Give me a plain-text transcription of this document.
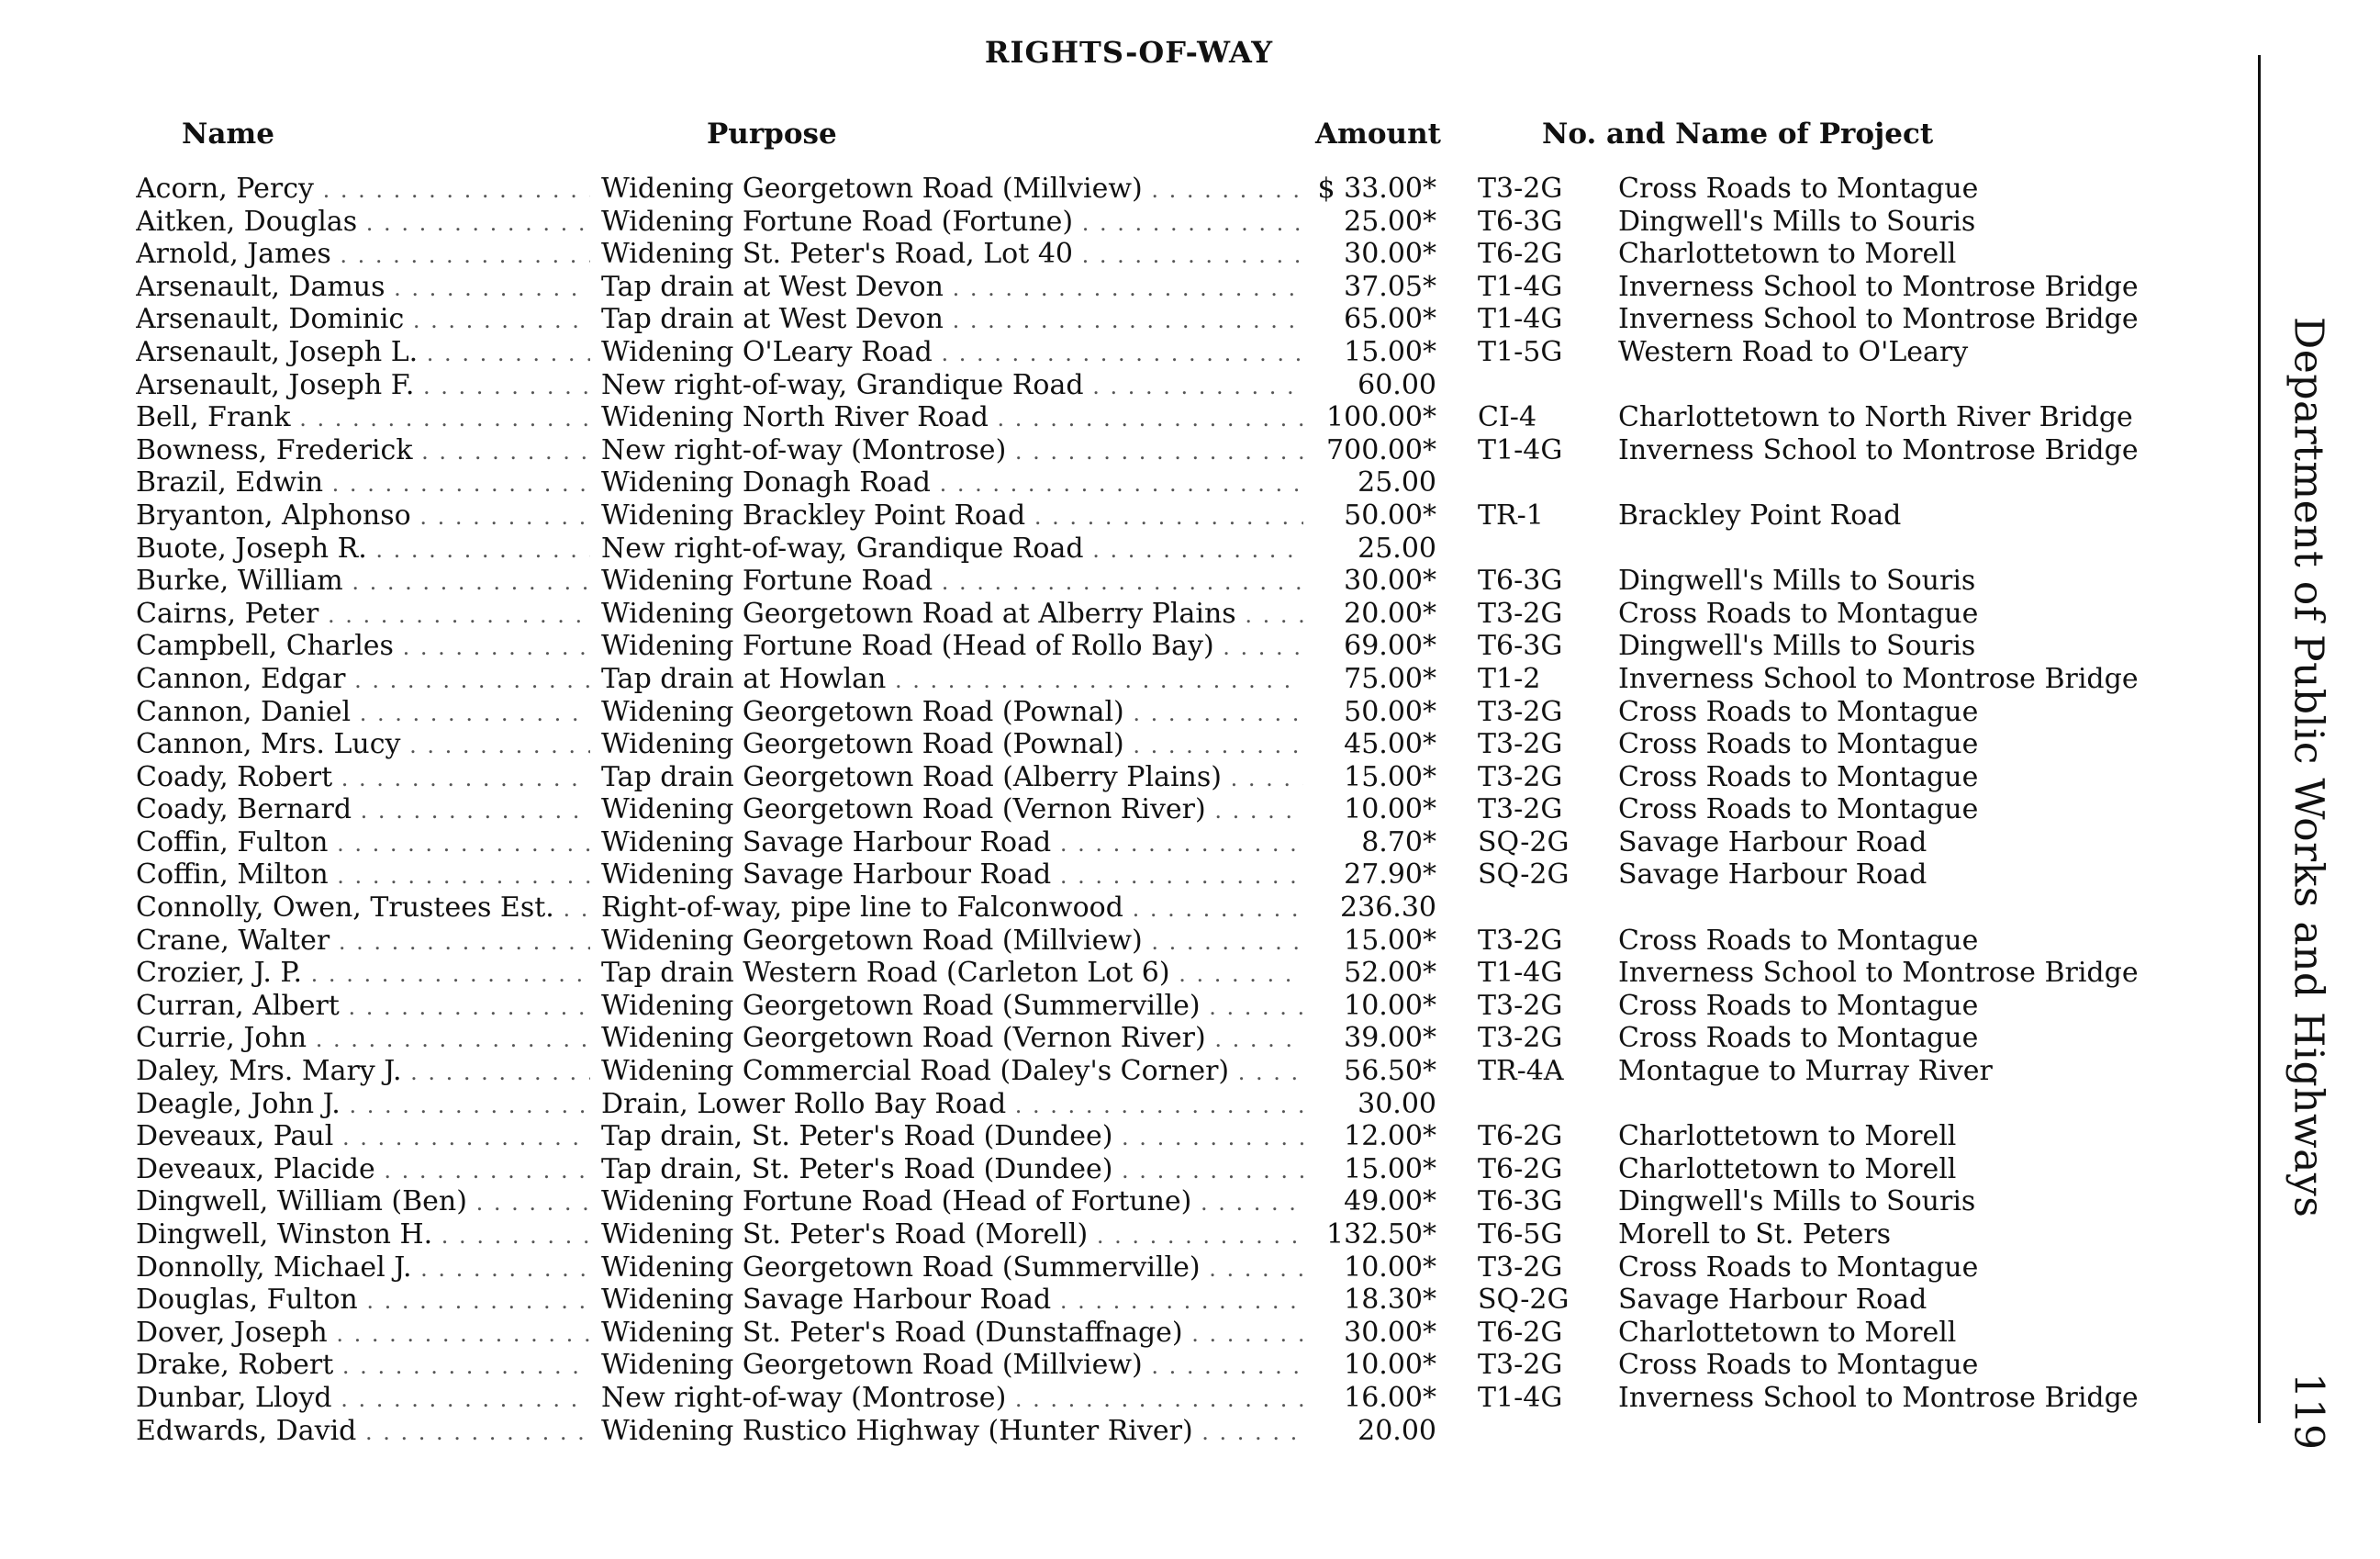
RIGHTS-OF-WAY
Name	Purpose	Amount	No. and Name of Project
Acorn, Percy . . .	Widening Georgetown Road (Millview) . . .	$ 33.00* T3-2G	Cross Roads to Montague
Aitken, Douglas . . .	Widening Fortune Road (Fortune) . . .	25.00* T6-3G	Dingwell's Mills to Souris
Arnold, James . . .	Widening St. Peter's Road, Lot 40 . . .	30.00* T6-2G	Charlottetown to Morell
Arsenault, Damus . . .	Tap drain at West Devon . . .	37.05* T1-4G	Inverness School to Montrose Bridge
Arsenault, Dominic . . .	Tap drain at West Devon . . .	65.00* T1-4G	Inverness School to Montrose Bridge
Arsenault, Joseph L. . . .	Widening O'Leary Road . . .	15.00* T1-5G	Western Road to O'Leary
Arsenault, Joseph F. . . .	New right-of-way, Grandique Road . . .	60.00
Bell, Frank . . .	Widening North River Road . . .	100.00* CI-4	Charlottetown to North River Bridge
Bowness, Frederick . . .	New right-of-way (Montrose) . . .	700.00* T1-4G	Inverness School to Montrose Bridge
Brazil, Edwin . . .	Widening Donagh Road . . .	25.00
Bryanton, Alphonso . . .	Widening Brackley Point Road . . .	50.00* TR-1	Brackley Point Road
Buote, Joseph R. . . .	New right-of-way, Grandique Road . . .	25.00
Burke, William . . .	Widening Fortune Road . . .	30.00* T6-3G	Dingwell's Mills to Souris
Cairns, Peter . . .	Widening Georgetown Road at Alberry Plains . . .	20.00* T3-2G	Cross Roads to Montague
Campbell, Charles . . .	Widening Fortune Road (Head of Rollo Bay) . . .	69.00* T6-3G	Dingwell's Mills to Souris
Cannon, Edgar . . .	Tap drain at Howlan . . .	75.00* T1-2	Inverness School to Montrose Bridge
Cannon, Daniel . . .	Widening Georgetown Road (Pownal) . . .	50.00* T3-2G	Cross Roads to Montague
Cannon, Mrs. Lucy . . .	Widening Georgetown Road (Pownal) . . .	45.00* T3-2G	Cross Roads to Montague
Coady, Robert . . .	Tap drain Georgetown Road (Alberry Plains) . . .	15.00* T3-2G	Cross Roads to Montague
Coady, Bernard . . .	Widening Georgetown Road (Vernon River) . . .	10.00* T3-2G	Cross Roads to Montague
Coffin, Fulton . . .	Widening Savage Harbour Road . . .	8.70* SQ-2G	Savage Harbour Road
Coffin, Milton . . .	Widening Savage Harbour Road . . .	27.90* SQ-2G	Savage Harbour Road
Connolly, Owen, Trustees Est. . . .	Right-of-way, pipe line to Falconwood . . .	236.30
Crane, Walter . . .	Widening Georgetown Road (Millview) . . .	15.00* T3-2G	Cross Roads to Montague
Crozier, J. P. . . .	Tap drain Western Road (Carleton Lot 6) . . .	52.00* T1-4G	Inverness School to Montrose Bridge
Curran, Albert . . .	Widening Georgetown Road (Summerville) . . .	10.00* T3-2G	Cross Roads to Montague
Currie, John . . .	Widening Georgetown Road (Vernon River) . . .	39.00* T3-2G	Cross Roads to Montague
Daley, Mrs. Mary J. . . .	Widening Commercial Road (Daley's Corner) . . .	56.50* TR-4A	Montague to Murray River
Deagle, John J. . . .	Drain, Lower Rollo Bay Road . . .	30.00
Deveaux, Paul . . .	Tap drain, St. Peter's Road (Dundee) . . .	12.00* T6-2G	Charlottetown to Morell
Deveaux, Placide . . .	Tap drain, St. Peter's Road (Dundee) . . .	15.00* T6-2G	Charlottetown to Morell
Dingwell, William (Ben) . . .	Widening Fortune Road (Head of Fortune) . . .	49.00* T6-3G	Dingwell's Mills to Souris
Dingwell, Winston H. . . .	Widening St. Peter's Road (Morell) . . .	132.50* T6-5G	Morell to St. Peters
Donnolly, Michael J. . . .	Widening Georgetown Road (Summerville) . . .	10.00* T3-2G	Cross Roads to Montague
Douglas, Fulton . . .	Widening Savage Harbour Road . . .	18.30* SQ-2G	Savage Harbour Road
Dover, Joseph . . .	Widening St. Peter's Road (Dunstaffnage) . . .	30.00* T6-2G	Charlottetown to Morell
Drake, Robert . . .	Widening Georgetown Road (Millview) . . .	10.00* T3-2G	Cross Roads to Montague
Dunbar, Lloyd . . .	New right-of-way (Montrose) . . .	16.00* T1-4G	Inverness School to Montrose Bridge
Edwards, David . . .	Widening Rustico Highway (Hunter River) . . .	20.00
Department of Public Works and Highways
119
